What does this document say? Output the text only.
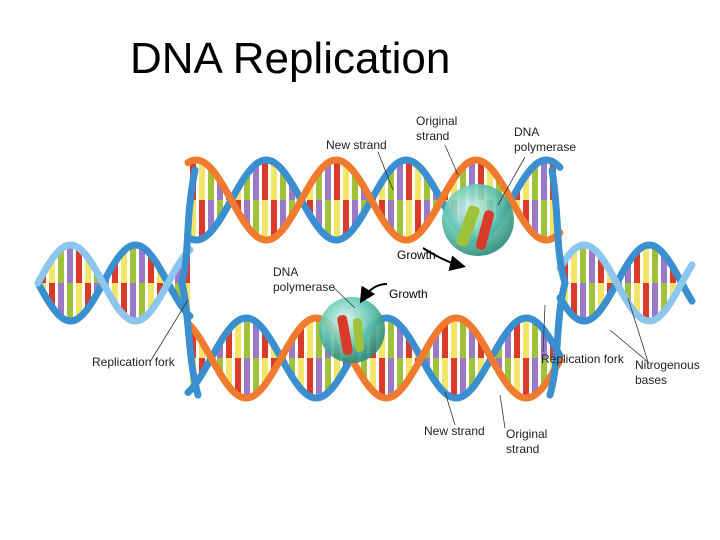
DNA Replication
New strand
Original
strand	DNA
polymerase
Growth
DNA
polymerase	Growth
Replication fork	Replication fork Nitrogenous
bases
New strand Original
strand
